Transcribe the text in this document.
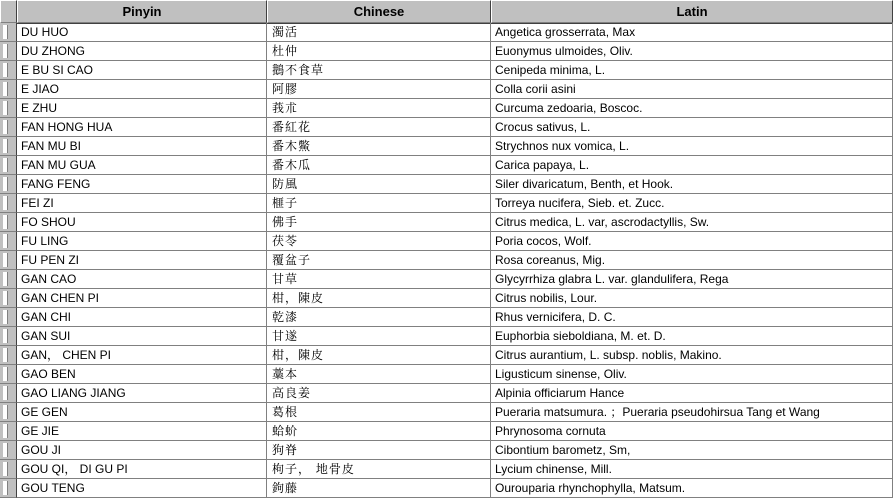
Pinyin	Chinese	Latin
DU HUO	濁活	Angetica grosserrata, Max
DU ZHONG	杜仲	Euonymus ulmoides, Oliv.
E BU SI CAO	鵝不食草	Cenipeda minima, L.
E JIAO	阿膠	Colla corii asini
E ZHU	莪朮	Curcuma zedoaria, Boscoc.
FAN HONG HUA	番紅花	Crocus sativus, L.
FAN MU BI	番木鱉	Strychnos nux vomica, L.
FAN MU GUA	番木瓜	Carica papaya, L.
FANG FENG	防風	Siler divaricatum, Benth, et Hook.
FEI ZI	榧子	Torreya nucifera, Sieb. et. Zucc.
FO SHOU	佛手	Citrus medica, L. var, ascrodactyllis, Sw.
FU LING	茯苓	Poria cocos, Wolf.
FU PEN ZI	覆盆子	Rosa coreanus, Mig.
GAN CAO	甘草	Glycyrrhiza glabra L. var. glandulifera, Rega
GAN CHEN PI	柑，陳皮	Citrus nobilis, Lour.
GAN CHI	乾漆	Rhus vernicifera, D. C.
GAN SUI	甘遂	Euphorbia sieboldiana, M. et. D.
GAN， CHEN PI	柑，陳皮	Citrus aurantium, L. subsp. noblis, Makino.
GAO BEN	藁本	Ligusticum sinense, Oliv.
GAO LIANG JIANG	高良姜	Alpinia officiarum Hance
GE GEN	葛根	Pueraria matsumura. ；Pueraria pseudohirsua Tang et Wang
GE JIE	蛤蚧	Phrynosoma cornuta
GOU JI	狗脊	Cibontium barometz, Sm,
GOU QI， DI GU PI	枸子， 地骨皮	Lycium chinense, Mill.
GOU TENG	鉤藤	Ourouparia rhynchophylla, Matsum.
